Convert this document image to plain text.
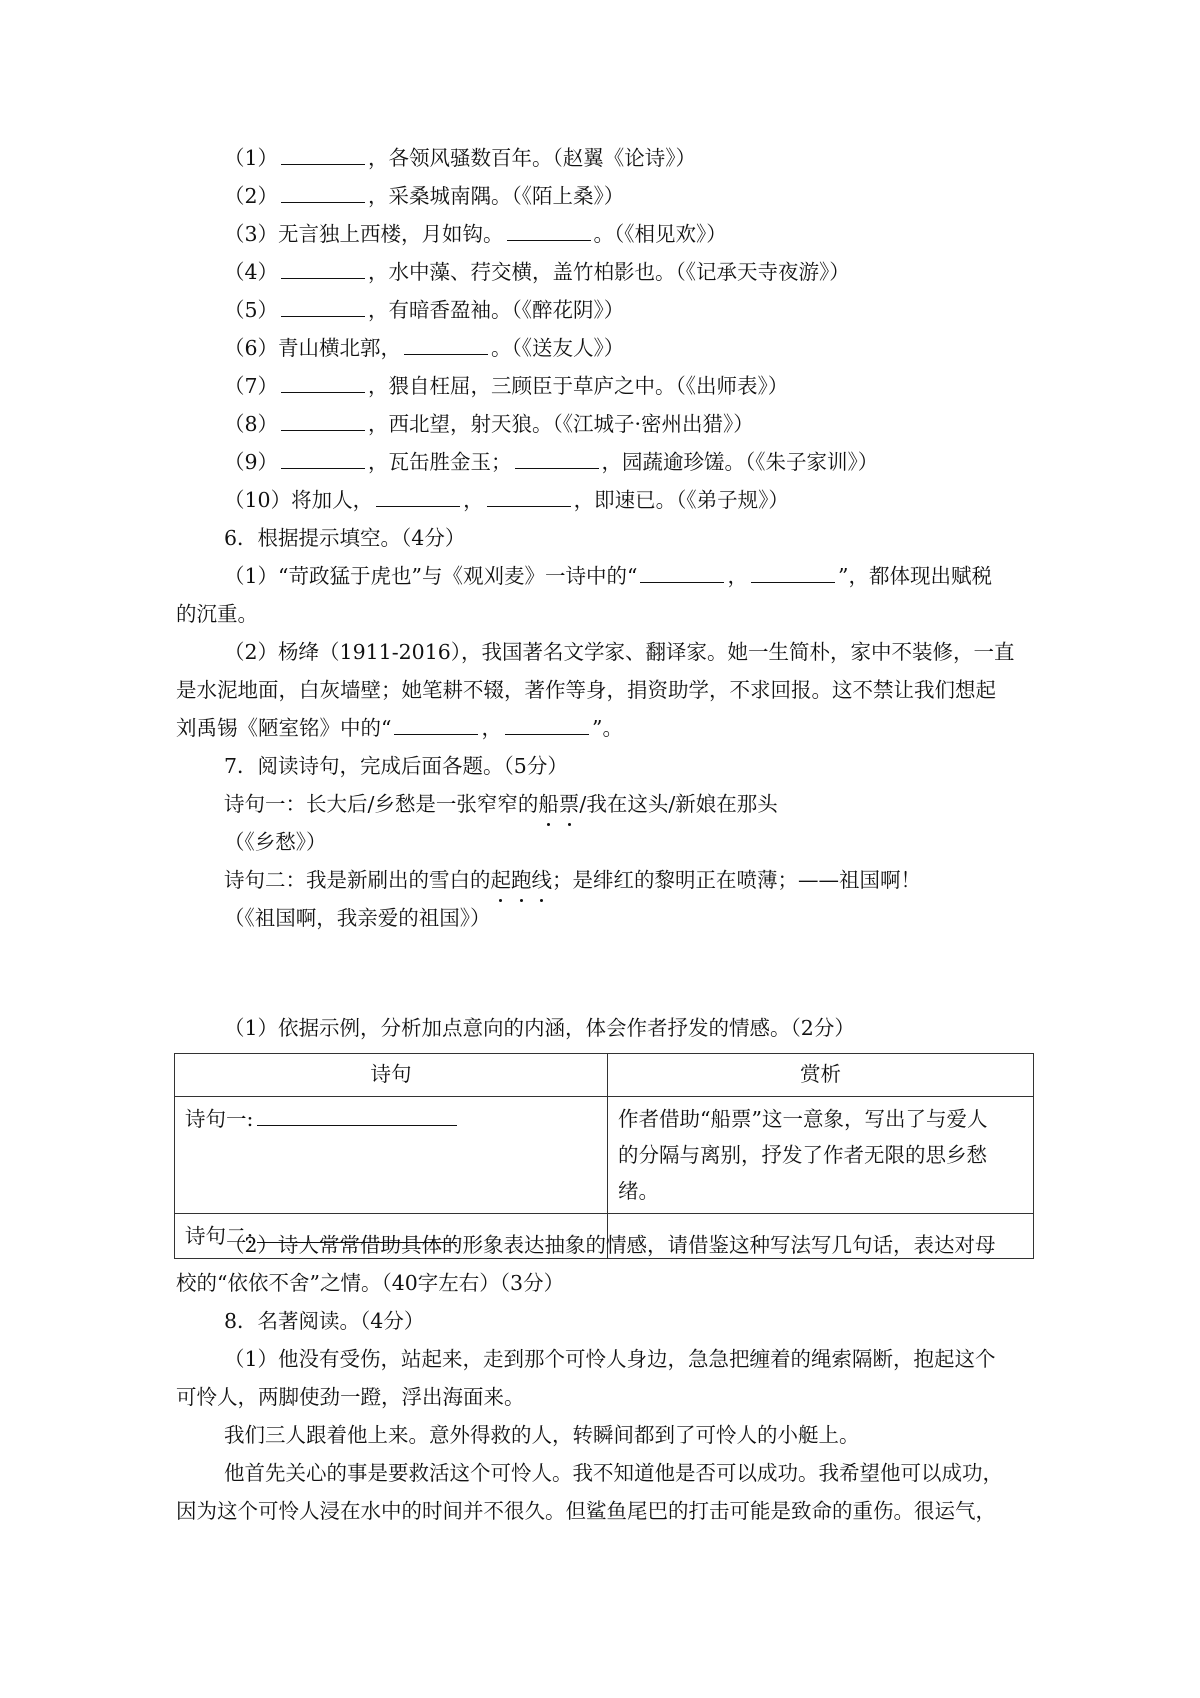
（1）	，各领风骚数百年。（赵翼《论诗》）
（2）	，采桑城南隅。（《陌上桑》）
（3）无言独上西楼，月如钩。	。（《相见欢》）
（4）	，水中藻、荇交横，盖竹柏影也。（《记承天寺夜游》）
（5）	，有暗香盈袖。（《醉花阴》）
（6）青山横北郭，	。（《送友人》）
（7）	，猥自枉屈，三顾臣于草庐之中。（《出师表》）
（8）	，西北望，射天狼。（《江城子·密州出猎》）
（9）	，瓦缶胜金玉；	，园蔬逾珍馐。（《朱子家训》）
（10）将加人，	，	，即速已。（《弟子规》）
6．根据提示填空。（4分）
（1）“苛政猛于虎也”与《观刈麦》一诗中的“	，	”，都体现出赋税
的沉重。
（2）杨绛（1911-2016），我国著名文学家、翻译家。她一生简朴，家中不装修，一直
是水泥地面，白灰墙壁；她笔耕不辍，著作等身，捐资助学，不求回报。这不禁让我们想起
刘禹锡《陋室铭》中的“	，	”。
7．阅读诗句，完成后面各题。（5分）
诗句一：长大后/乡愁是一张窄窄的船票/我在这头/新娘在那头
（《乡愁》）
诗句二：我是新刷出的雪白的起跑线；是绯红的黎明正在喷薄；——祖国啊！
（《祖国啊，我亲爱的祖国》）
（1）依据示例，分析加点意向的内涵，体会作者抒发的情感。（2分）
诗句	赏析
诗句一:	作者借助“船票”这一意象，写出了与爱人
的分隔与离别，抒发了作者无限的思乡愁绪。

诗句二:	
（2）诗人常常借助具体的形象表达抽象的情感，请借鉴这种写法写几句话，表达对母
校的“依依不舍”之情。（40字左右）（3分）
8．名著阅读。（4分）
（1）他没有受伤，站起来，走到那个可怜人身边，急急把缠着的绳索隔断，抱起这个
可怜人，两脚使劲一蹬，浮出海面来。
我们三人跟着他上来。意外得救的人，转瞬间都到了可怜人的小艇上。
他首先关心的事是要救活这个可怜人。我不知道他是否可以成功。我希望他可以成功，
因为这个可怜人浸在水中的时间并不很久。但鲨鱼尾巴的打击可能是致命的重伤。很运气，
